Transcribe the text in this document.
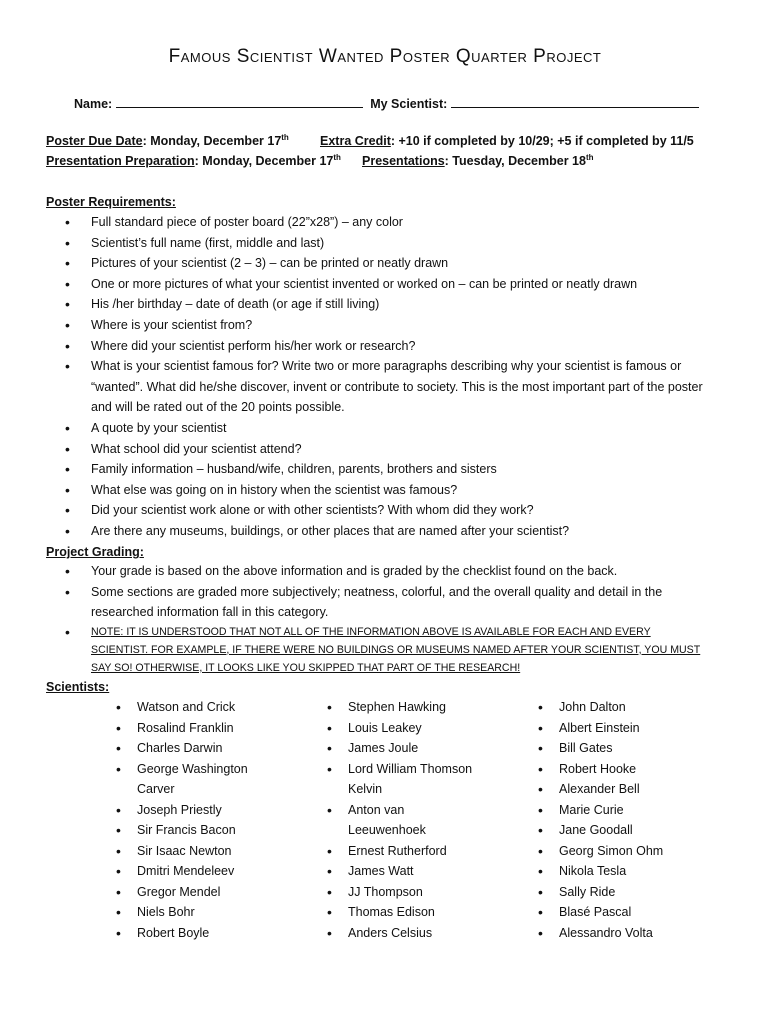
Famous Scientist Wanted Poster Quarter Project
Name:	My Scientist:
Poster Due Date: Monday, December 17th Extra Credit: +10 if completed by 10/29; +5 if completed by 11/5
Presentation Preparation: Monday, December 17th Presentations: Tuesday, December 18th
Poster Requirements:
• Full standard piece of poster board (22”x28”) – any color
• Scientist’s full name (first, middle and last)
• Pictures of your scientist (2 – 3) – can be printed or neatly drawn
• One or more pictures of what your scientist invented or worked on – can be printed or neatly drawn
• His /her birthday – date of death (or age if still living)
• Where is your scientist from?
• Where did your scientist perform his/her work or research?
• What is your scientist famous for? Write two or more paragraphs describing why your scientist is famous or “wanted”. What did he/she discover, invent or contribute to society. This is the most important part of the poster and will be rated out of the 20 points possible.
• A quote by your scientist
• What school did your scientist attend?
• Family information – husband/wife, children, parents, brothers and sisters
• What else was going on in history when the scientist was famous?
• Did your scientist work alone or with other scientists? With whom did they work?
• Are there any museums, buildings, or other places that are named after your scientist?
Project Grading:
• Your grade is based on the above information and is graded by the checklist found on the back.
• Some sections are graded more subjectively; neatness, colorful, and the overall quality and detail in the researched information fall in this category.
• NOTE: IT IS UNDERSTOOD THAT NOT ALL OF THE INFORMATION ABOVE IS AVAILABLE FOR EACH AND EVERY SCIENTIST. FOR EXAMPLE, IF THERE WERE NO BUILDINGS OR MUSEUMS NAMED AFTER YOUR SCIENTIST, YOU MUST SAY SO! OTHERWISE, IT LOOKS LIKE YOU SKIPPED THAT PART OF THE RESEARCH!
Scientists:
• Watson and Crick
• Rosalind Franklin
• Charles Darwin
• George Washington Carver
• Joseph Priestly
• Sir Francis Bacon
• Sir Isaac Newton
• Dmitri Mendeleev
• Gregor Mendel
• Niels Bohr
• Robert Boyle
• Stephen Hawking
• Louis Leakey
• James Joule
• Lord William Thomson Kelvin
• Anton van Leeuwenhoek
• Ernest Rutherford
• James Watt
• JJ Thompson
• Thomas Edison
• Anders Celsius
• John Dalton
• Albert Einstein
• Bill Gates
• Robert Hooke
• Alexander Bell
• Marie Curie
• Jane Goodall
• Georg Simon Ohm
• Nikola Tesla
• Sally Ride
• Blasé Pascal
• Alessandro Volta
